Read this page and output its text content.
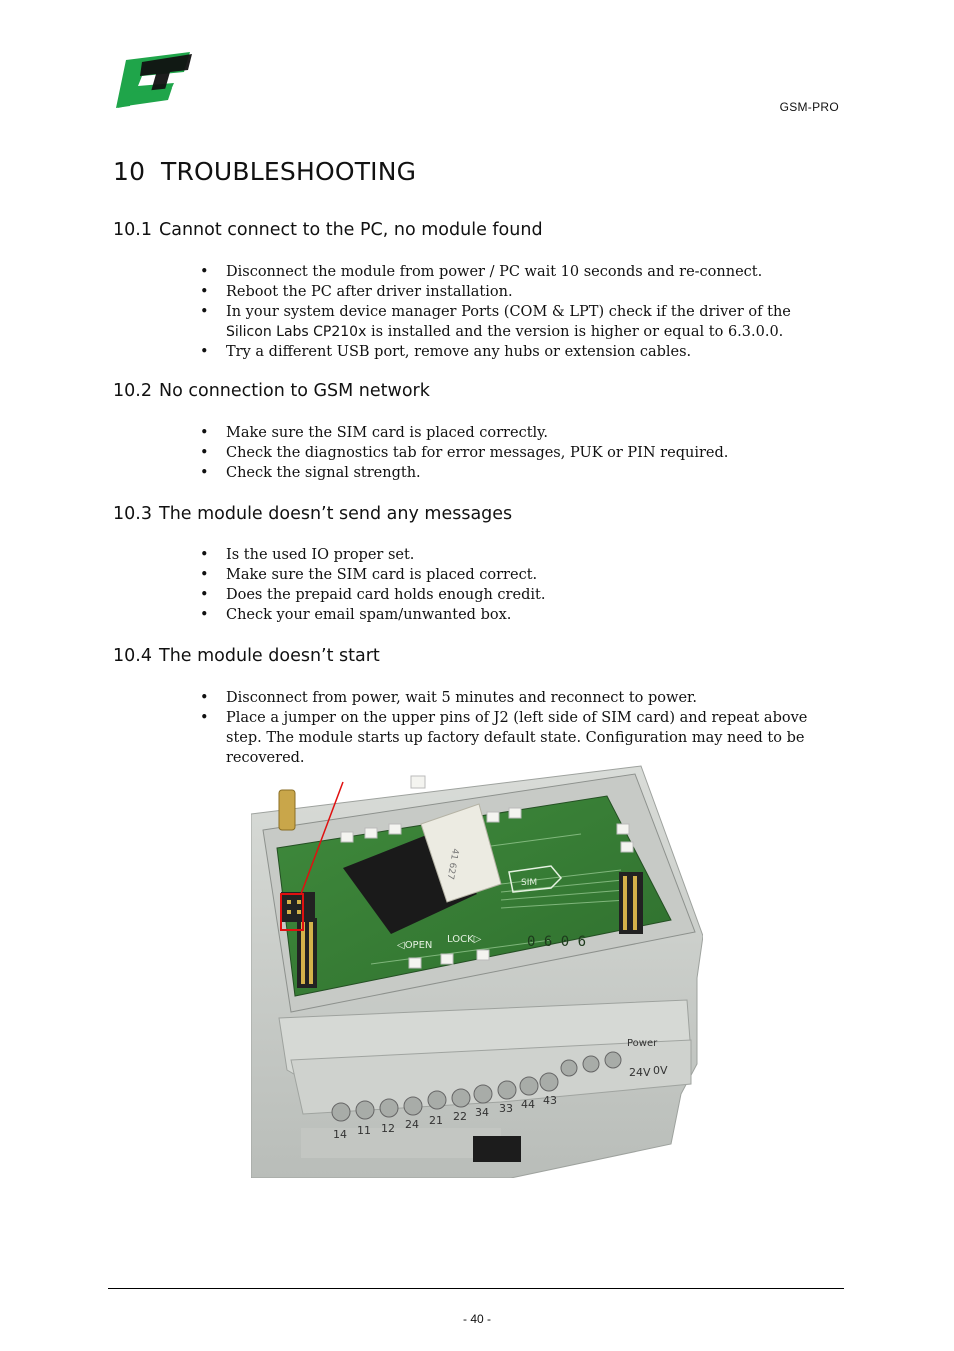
GSM-PRO
10 TROUBLESHOOTING
10.1 Cannot connect to the PC, no module found
• Disconnect the module from power / PC wait 10 seconds and re-connect.
• Reboot the PC after driver installation.
• In your system device manager Ports (COM & LPT) check if the driver of the Silicon Labs CP210x is installed and the version is higher or equal to 6.3.0.0.
• Try a different USB port, remove any hubs or extension cables.
10.2 No connection to GSM network
• Make sure the SIM card is placed correctly.
• Check the diagnostics tab for error messages, PUK or PIN required.
• Check the signal strength.
10.3 The module doesn’t send any messages
• Is the used IO proper set.
• Make sure the SIM card is placed correct.
• Does the prepaid card holds enough credit.
• Check your email spam/unwanted box.
10.4 The module doesn’t start
• Disconnect from power, wait 5 minutes and reconnect to power.
• Place a jumper on the upper pins of J2 (left side of SIM card) and repeat above step. The module starts up factory default state. Configuration may need to be recovered.
41 627
SIM
◁OPEN
LOCK▷	0 6 0 6
14 11 12 24 21 22 34 33 44 43
Power
24V 0V
- 40 -
